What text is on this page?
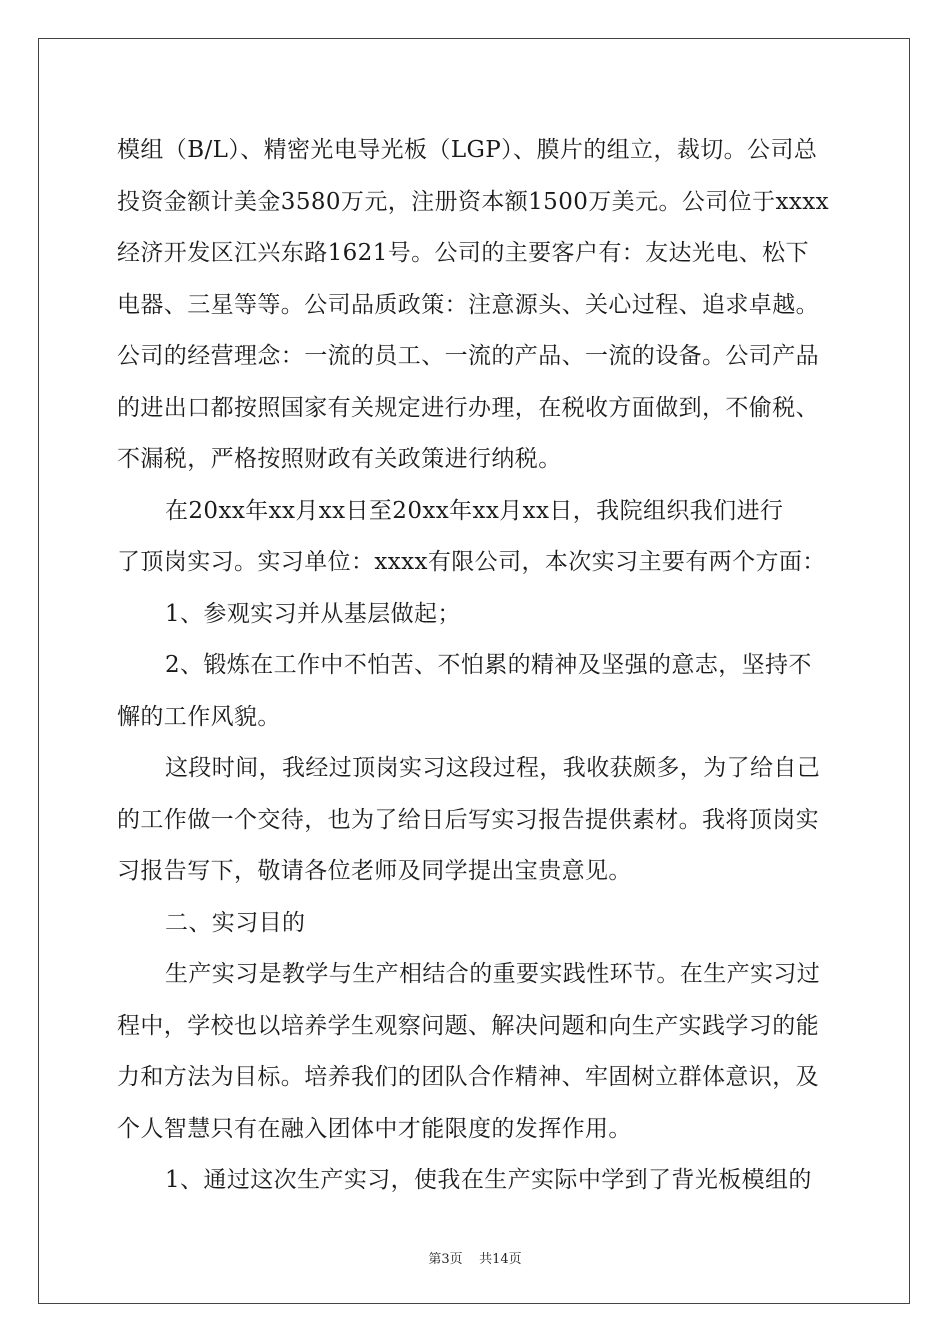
模组（B/L）、精密光电导光板（LGP）、膜片的组立，裁切。公司总
投资金额计美金3580万元，注册资本额1500万美元。公司位于xxxx
经济开发区江兴东路1621号。公司的主要客户有：友达光电、松下
电器、三星等等。公司品质政策：注意源头、关心过程、追求卓越。
公司的经营理念：一流的员工、一流的产品、一流的设备。公司产品
的进出口都按照国家有关规定进行办理，在税收方面做到，不偷税、
不漏税，严格按照财政有关政策进行纳税。
在20xx年xx月xx日至20xx年xx月xx日，我院组织我们进行
了顶岗实习。实习单位：xxxx有限公司，本次实习主要有两个方面：
1、参观实习并从基层做起；
2、锻炼在工作中不怕苦、不怕累的精神及坚强的意志，坚持不
懈的工作风貌。
这段时间，我经过顶岗实习这段过程，我收获颇多，为了给自己
的工作做一个交待，也为了给日后写实习报告提供素材。我将顶岗实
习报告写下，敬请各位老师及同学提出宝贵意见。
二、实习目的
生产实习是教学与生产相结合的重要实践性环节。在生产实习过
程中，学校也以培养学生观察问题、解决问题和向生产实践学习的能
力和方法为目标。培养我们的团队合作精神、牢固树立群体意识，及
个人智慧只有在融入团体中才能限度的发挥作用。
1、通过这次生产实习，使我在生产实际中学到了背光板模组的
第3页 共14页
